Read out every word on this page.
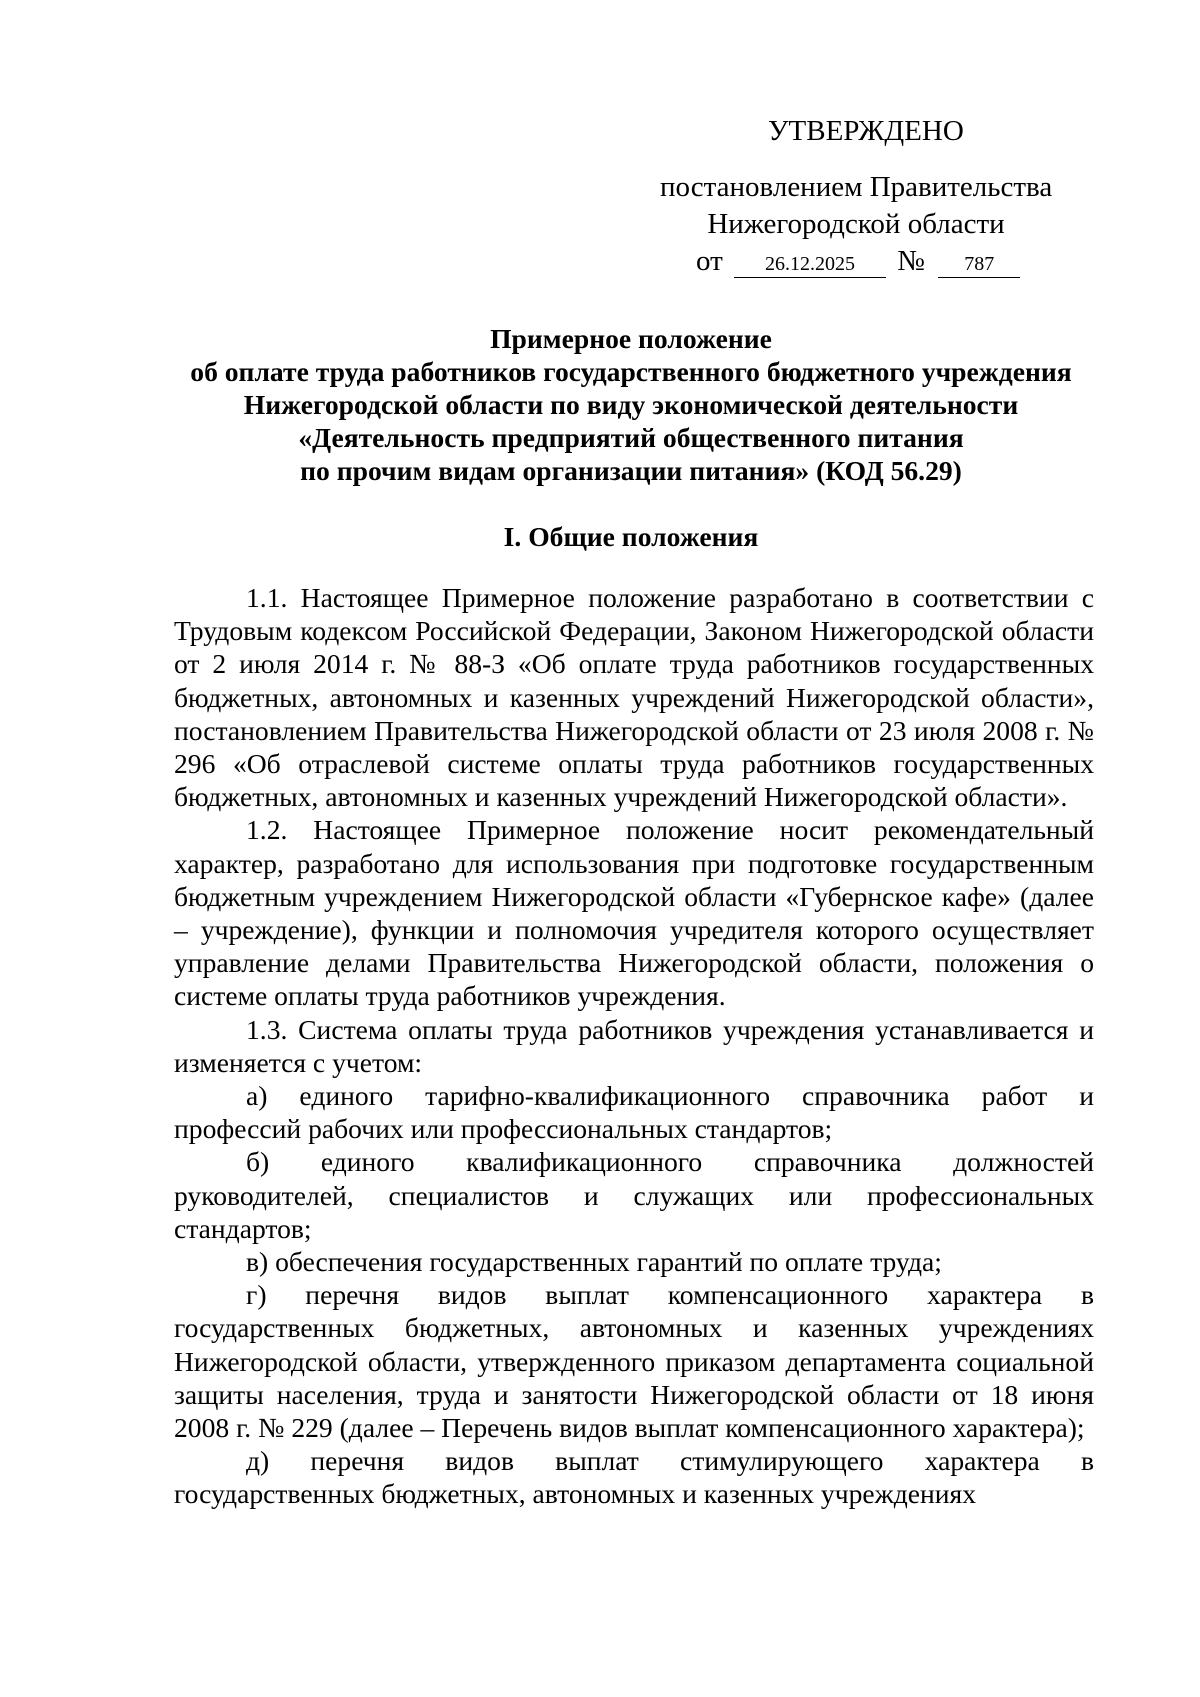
УТВЕРЖДЕНО
постановлением Правительства
Нижегородской области
от 26.12.2025 № 787
Примерное положение
об оплате труда работников государственного бюджетного учреждения
Нижегородской области по виду экономической деятельности
«Деятельность предприятий общественного питания
по прочим видам организации питания» (КОД 56.29)
I. Общие положения

1.1. Настоящее Примерное положение разработано в соответствии с Трудовым кодексом Российской Федерации, Законом Нижегородской области от 2 июля 2014 г. № 88-З «Об оплате труда работников государственных бюджетных, автономных и казенных учреждений Нижегородской области», постановлением Правительства Нижегородской области от 23 июля 2008 г. № 296 «Об отраслевой системе оплаты труда работников государственных бюджетных, автономных и казенных учреждений Нижегородской области».

1.2. Настоящее Примерное положение носит рекомендательный характер, разработано для использования при подготовке государственным бюджетным учреждением Нижегородской области «Губернское кафе» (далее – учреждение), функции и полномочия учредителя которого осуществляет управление делами Правительства Нижегородской области, положения о системе оплаты труда работников учреждения.

1.3. Система оплаты труда работников учреждения устанавливается и изменяется с учетом:

а) единого тарифно-квалификационного справочника работ и профессий рабочих или профессиональных стандартов;

б) единого квалификационного справочника должностей руководителей, специалистов и служащих или профессиональных стандартов;

в) обеспечения государственных гарантий по оплате труда;

г) перечня видов выплат компенсационного характера в государственных бюджетных, автономных и казенных учреждениях Нижегородской области, утвержденного приказом департамента социальной защиты населения, труда и занятости Нижегородской области от 18 июня 2008 г. № 229 (далее – Перечень видов выплат компенсационного характера);

д) перечня видов выплат стимулирующего характера в государственных бюджетных, автономных и казенных учреждениях
